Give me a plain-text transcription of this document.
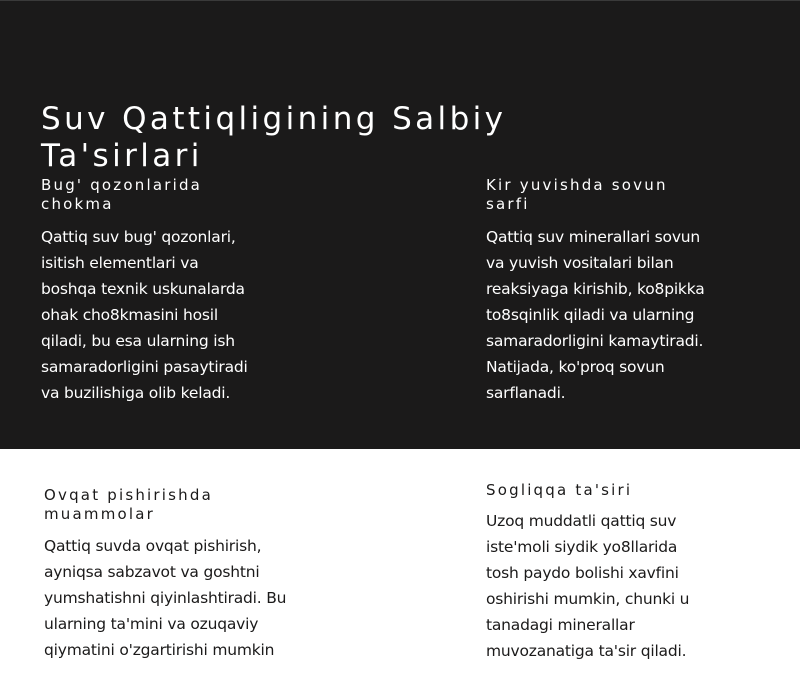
Suv Qattiqligining Salbiy Ta'sirlari
Bug' qozonlarida chokma

Qattiq suv bug' qozonlari, isitish elementlari va boshqa texnik uskunalarda ohak cho8kmasini hosil qiladi, bu esa ularning ish samaradorligini pasaytiradi va buzilishiga olib keladi.

Kir yuvishda sovun sarfi

Qattiq suv minerallari sovun va yuvish vositalari bilan reaksiyaga kirishib, ko8pikka to8sqinlik qiladi va ularning samaradorligini kamaytiradi. Natijada, ko'proq sovun sarflanadi.

Ovqat pishirishda muammolar

Qattiq suvda ovqat pishirish, ayniqsa sabzavot va goshtni yumshatishni qiyinlashtiradi. Bu ularning ta'mini va ozuqaviy qiymatini o'zgartirishi mumkin

Sogliqqa ta'siri

Uzoq muddatli qattiq suv iste'moli siydik yo8llarida tosh paydo bolishi xavfini oshirishi mumkin, chunki u tanadagi minerallar muvozanatiga ta'sir qiladi.
